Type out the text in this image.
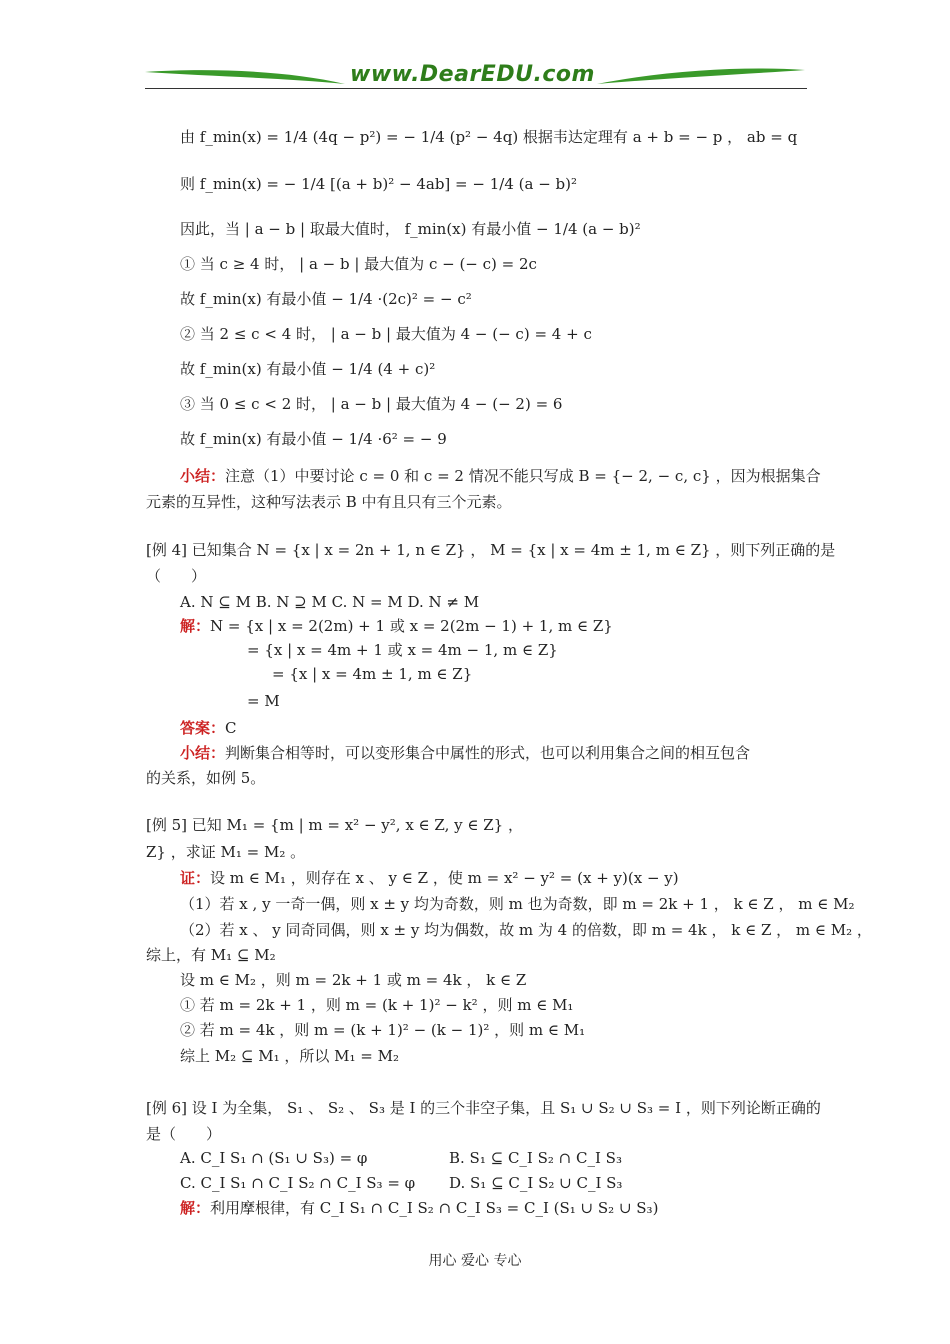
www.DearEDU.com
由 f_min(x) = 1/4 (4q − p²) = − 1/4 (p² − 4q) 根据韦达定理有 a + b = − p ， ab = q
则 f_min(x) = − 1/4 [(a + b)² − 4ab] = − 1/4 (a − b)²
因此，当 | a − b | 取最大值时， f_min(x) 有最小值 − 1/4 (a − b)²
① 当 c ≥ 4 时， | a − b | 最大值为 c − (− c) = 2c
故 f_min(x) 有最小值 − 1/4 ·(2c)² = − c²
② 当 2 ≤ c < 4 时， | a − b | 最大值为 4 − (− c) = 4 + c
故 f_min(x) 有最小值 − 1/4 (4 + c)²
③ 当 0 ≤ c < 2 时， | a − b | 最大值为 4 − (− 2) = 6
故 f_min(x) 有最小值 − 1/4 ·6² = − 9
小结：注意（1）中要讨论 c = 0 和 c = 2 情况不能只写成 B = {− 2, − c, c} ，因为根据集合
元素的互异性，这种写法表示 B 中有且只有三个元素。
[例 4] 已知集合 N = {x | x = 2n + 1, n ∈ Z} ， M = {x | x = 4m ± 1, m ∈ Z} ，则下列正确的是
（　　）
A. N ⊆ M B. N ⊇ M C. N = M D. N ≠ M
解：N = {x | x = 2(2m) + 1 或 x = 2(2m − 1) + 1, m ∈ Z}
= {x | x = 4m + 1 或 x = 4m − 1, m ∈ Z}
= {x | x = 4m ± 1, m ∈ Z}
= M
答案：C
小结：判断集合相等时，可以变形集合中属性的形式，也可以利用集合之间的相互包含
的关系，如例 5。
[例 5] 已知 M₁ = {m | m = x² − y², x ∈ Z, y ∈ Z} ，
Z} ，求证 M₁ = M₂ 。
证：设 m ∈ M₁ ，则存在 x 、 y ∈ Z ，使 m = x² − y² = (x + y)(x − y)
（1）若 x , y 一奇一偶，则 x ± y 均为奇数，则 m 也为奇数，即 m = 2k + 1 ， k ∈ Z ， m ∈ M₂
（2）若 x 、 y 同奇同偶，则 x ± y 均为偶数，故 m 为 4 的倍数，即 m = 4k ， k ∈ Z ， m ∈ M₂ ，
综上，有 M₁ ⊆ M₂
设 m ∈ M₂ ，则 m = 2k + 1 或 m = 4k ， k ∈ Z
① 若 m = 2k + 1 ，则 m = (k + 1)² − k² ，则 m ∈ M₁
② 若 m = 4k ，则 m = (k + 1)² − (k − 1)² ，则 m ∈ M₁
综上 M₂ ⊆ M₁ ，所以 M₁ = M₂
[例 6] 设 I 为全集， S₁ 、 S₂ 、 S₃ 是 I 的三个非空子集，且 S₁ ∪ S₂ ∪ S₃ = I ，则下列论断正确的
是（　　）
A. C_I S₁ ∩ (S₁ ∪ S₃) = φ	B. S₁ ⊆ C_I S₂ ∩ C_I S₃
C. C_I S₁ ∩ C_I S₂ ∩ C_I S₃ = φ D. S₁ ⊆ C_I S₂ ∪ C_I S₃
解：利用摩根律，有 C_I S₁ ∩ C_I S₂ ∩ C_I S₃ = C_I (S₁ ∪ S₂ ∪ S₃)
用心 爱心 专心
